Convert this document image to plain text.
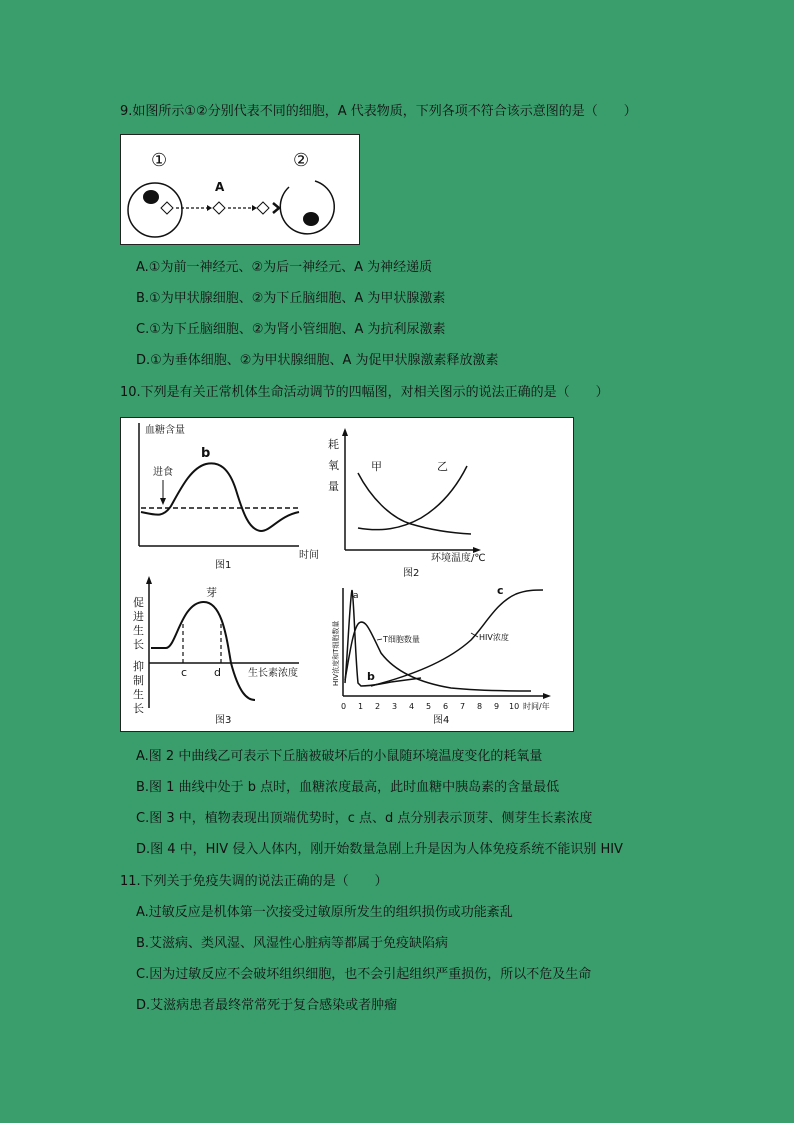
9.如图所示①②分别代表不同的细胞，A 代表物质，下列各项不符合该示意图的是（　　）
①	②
A
A.①为前一神经元、②为后一神经元、A 为神经递质
B.①为甲状腺细胞、②为下丘脑细胞、A 为甲状腺激素
C.①为下丘脑细胞、②为肾小管细胞、A 为抗利尿激素
D.①为垂体细胞、②为甲状腺细胞、A 为促甲状腺激素释放激素
10.下列是有关正常机体生命活动调节的四幅图，对相关图示的说法正确的是（　　）
血糖含量
时间
进食
b
图1
耗
氧
量
甲	乙
环境温度/℃
图2
促
进
生
长
抑
制
生
长
c d
芽
生长素浓度
图3
HIV浓度和T细胞数量
a
b
c
T细胞数量	HIV浓度
0 1 2 3 4 5 6 7 8 9 10 时间/年
图4
A.图 2 中曲线乙可表示下丘脑被破坏后的小鼠随环境温度变化的耗氧量
B.图 1 曲线中处于 b 点时，血糖浓度最高，此时血糖中胰岛素的含量最低
C.图 3 中，植物表现出顶端优势时，c 点、d 点分别表示顶芽、侧芽生长素浓度
D.图 4 中，HIV 侵入人体内，刚开始数量急剧上升是因为人体免疫系统不能识别 HIV
11.下列关于免疫失调的说法正确的是（　　）
A.过敏反应是机体第一次接受过敏原所发生的组织损伤或功能紊乱
B.艾滋病、类风湿、风湿性心脏病等都属于免疫缺陷病
C.因为过敏反应不会破坏组织细胞，也不会引起组织严重损伤，所以不危及生命
D.艾滋病患者最终常常死于复合感染或者肿瘤
